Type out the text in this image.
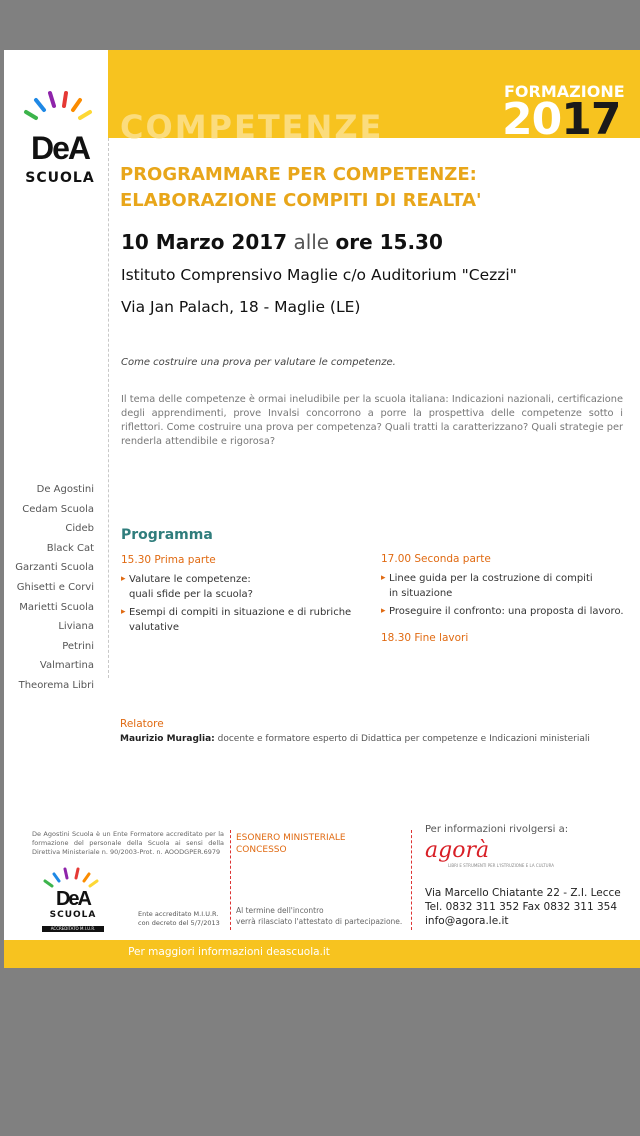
COMPETENZE
FORMAZIONE
2017
DeA
SCUOLA PROGRAMMARE PER COMPETENZE:
ELABORAZIONE COMPITI DI REALTA'
10 Marzo 2017 alle ore 15.30
Istituto Comprensivo Maglie c/o Auditorium "Cezzi"
Via Jan Palach, 18 - Maglie (LE)
Come costruire una prova per valutare le competenze.
Il tema delle competenze è ormai ineludibile per la scuola italiana: Indicazioni nazionali, certificazione degli apprendimenti, prove Invalsi concorrono a porre la prospettiva delle competenze sotto i riflettori. Come costruire una prova per competenza? Quali tratti la caratterizzano? Quali strategie per renderla attendibile e rigorosa?
De Agostini
Cedam Scuola
Cideb
Black Cat
Garzanti Scuola
Ghisetti e Corvi
Marietti Scuola
Liviana
Petrini
Valmartina
Theorema Libri
Programma
15.30 Prima parte
▸ Valutare le competenze:
quali sfide per la scuola?
▸ Esempi di compiti in situazione e di rubriche
valutative
17.00 Seconda parte
▸ Linee guida per la costruzione di compiti
in situazione
▸ Proseguire il confronto: una proposta di lavoro.
18.30 Fine lavori
Relatore
Maurizio Muraglia: docente e formatore esperto di Didattica per competenze e Indicazioni ministeriali
De Agostini Scuola è un Ente Formatore accreditato per la formazione del personale della Scuola ai sensi della Direttiva Ministeriale n. 90/2003-Prot. n. AOODGPER.6979
DeA
SCUOLA
ACCREDITATO M.I.U.R.
Ente accreditato M.I.U.R.
con decreto del 5/7/2013
ESONERO MINISTERIALE
CONCESSO
Al termine dell'incontro
verrà rilasciato l'attestato di partecipazione.
Per informazioni rivolgersi a:
agorà
LIBRI E STRUMENTI PER L'ISTRUZIONE E LA CULTURA
Via Marcello Chiatante 22 - Z.I. Lecce
Tel. 0832 311 352 Fax 0832 311 354
info@agora.le.it
Per maggiori informazioni deascuola.it
